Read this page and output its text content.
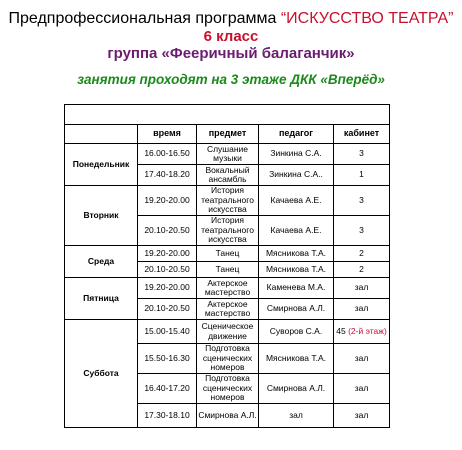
Предпрофессиональная программа “ИСКУССТВО ТЕАТРА”
6 класс
группа «Фееричный балаганчик»
занятия проходят на 3 этаже ДКК «Вперёд»

	время	предмет	педагог	кабинет
Понедельник	16.00-16.50	Слушание музыки	Зинкина С.А.	3
	17.40-18.20	Вокальный ансамбль	Зинкина С.А..	1
Вторник	19.20-20.00	История театрального искусства	Качаева А.Е.	3
	20.10-20.50	История театрального искусства	Качаева А.Е.	3
Среда	19.20-20.00	Танец	Мясникова Т.А.	2
	20.10-20.50	Танец	Мясникова Т.А.	2
Пятница	19.20-20.00	Актерское мастерство	Каменева М.А.	зал
	20.10-20.50	Актерское мастерство	Смирнова А.Л.	зал
Суббота	15.00-15.40	Сценическое движение	Суворов С.А.	45 (2-й этаж)
	15.50-16.30	Подготовка сценических номеров	Мясникова Т.А.	зал
	16.40-17.20	Подготовка сценических номеров	Смирнова А.Л.	зал
	17.30-18.10	Смирнова А.Л.	зал	зал
